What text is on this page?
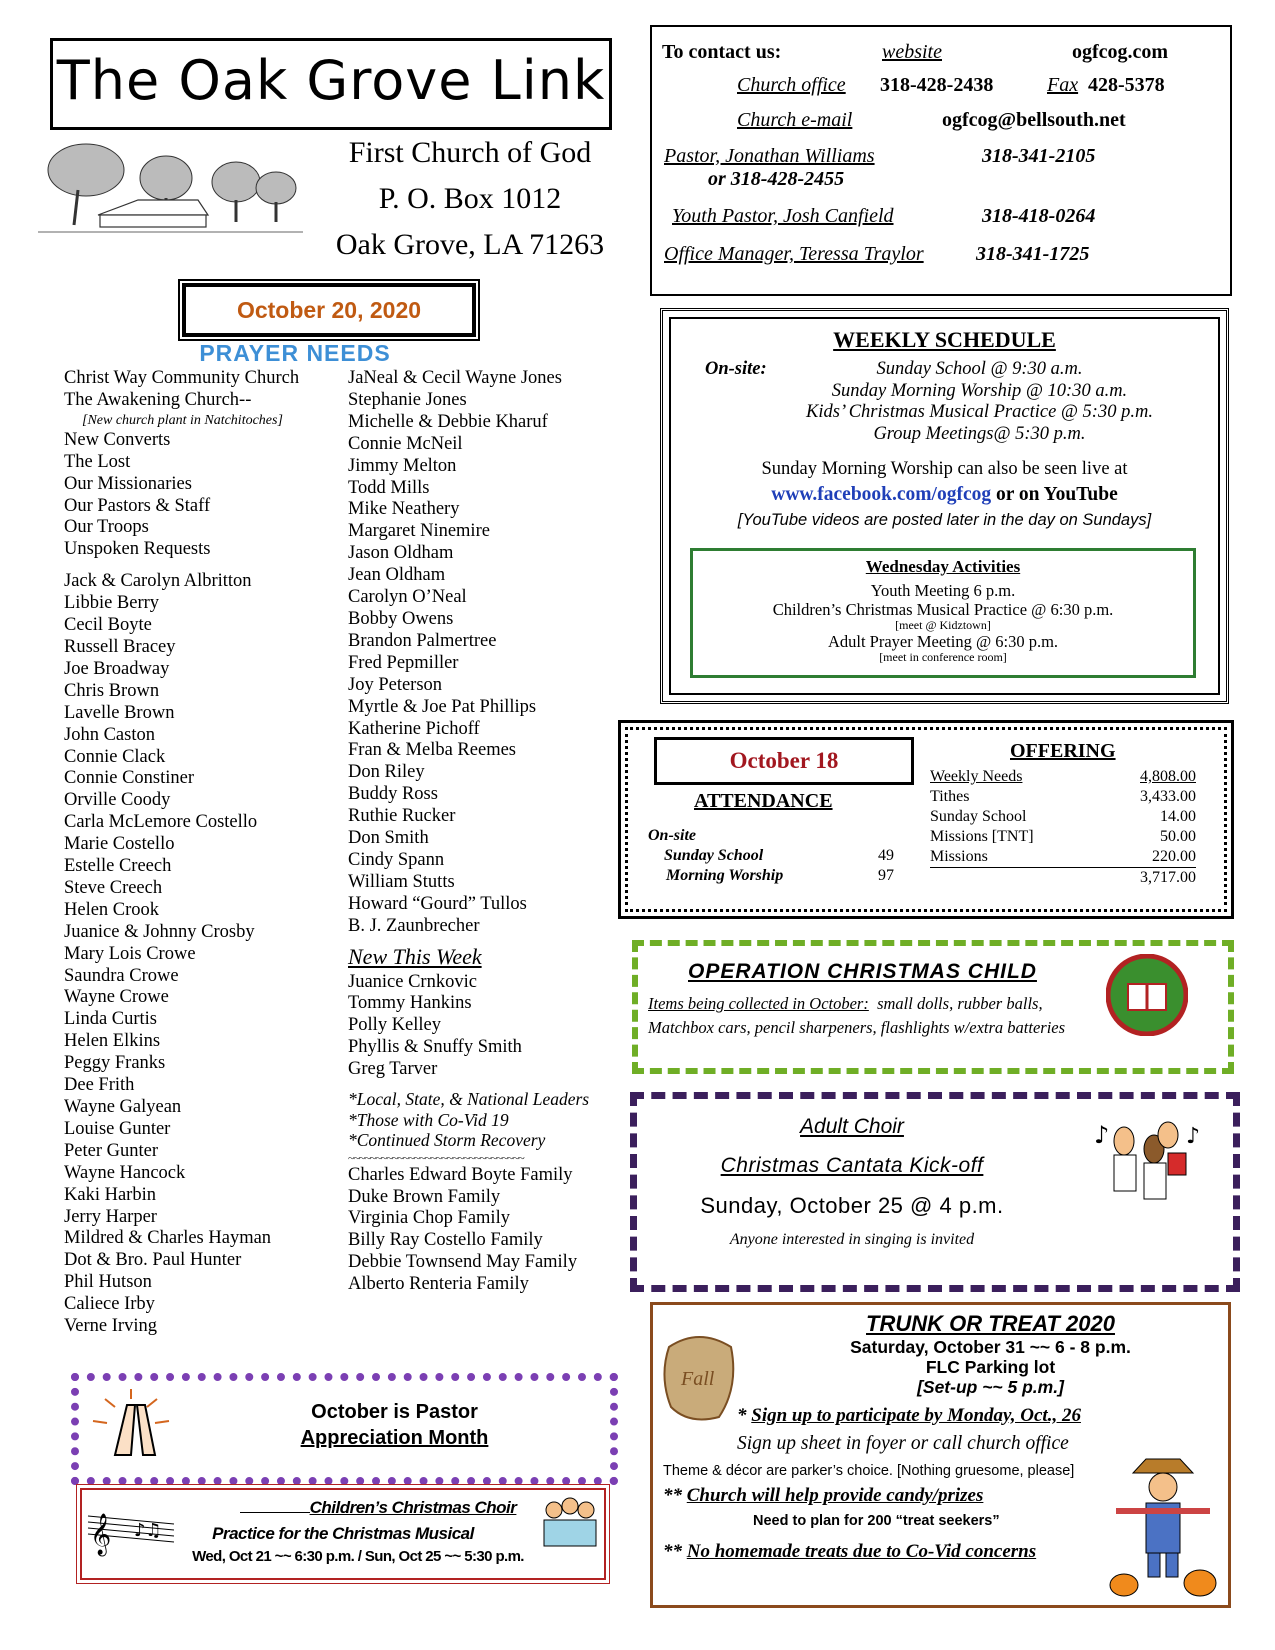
The Oak Grove Link
First Church of God
P. O. Box 1012
Oak Grove, LA 71263
October 20, 2020
PRAYER NEEDS
Christ Way Community Church
The Awakening Church--
[New church plant in Natchitoches]
New Converts
The Lost
Our Missionaries
Our Pastors & Staff
Our Troops
Unspoken Requests
Jack & Carolyn Albritton
Libbie Berry
Cecil Boyte
Russell Bracey
Joe Broadway
Chris Brown
Lavelle Brown
John Caston
Connie Clack
Connie Constiner
Orville Coody
Carla McLemore Costello
Marie Costello
Estelle Creech
Steve Creech
Helen Crook
Juanice & Johnny Crosby
Mary Lois Crowe
Saundra Crowe
Wayne Crowe
Linda Curtis
Helen Elkins
Peggy Franks
Dee Frith
Wayne Galyean
Louise Gunter
Peter Gunter
Wayne Hancock
Kaki Harbin
Jerry Harper
Mildred & Charles Hayman
Dot & Bro. Paul Hunter
Phil Hutson
Caliece Irby
Verne Irving
JaNeal & Cecil Wayne Jones
Stephanie Jones
Michelle & Debbie Kharuf
Connie McNeil
Jimmy Melton
Todd Mills
Mike Neathery
Margaret Ninemire
Jason Oldham
Jean Oldham
Carolyn O’Neal
Bobby Owens
Brandon Palmertree
Fred Pepmiller
Joy Peterson
Myrtle & Joe Pat Phillips
Katherine Pichoff
Fran & Melba Reemes
Don Riley
Buddy Ross
Ruthie Rucker
Don Smith
Cindy Spann
William Stutts
Howard “Gourd” Tullos
B. J. Zaunbrecher
New This Week
Juanice Crnkovic
Tommy Hankins
Polly Kelley
Phyllis & Snuffy Smith
Greg Tarver
*Local, State, & National Leaders
*Those with Co-Vid 19
*Continued Storm Recovery
~~~~~~~~~~~~~~~~~~~~~~~~~~~~~~~~
Charles Edward Boyte Family
Duke Brown Family
Virginia Chop Family
Billy Ray Costello Family
Debbie Townsend May Family
Alberto Renteria Family
To contact us:	website	ogfcog.com
Church office 318-428-2438	Fax 428-5378
Church e-mail	ogfcog@bellsouth.net
Pastor, Jonathan Williams	318-341-2105
or 318-428-2455
Youth Pastor, Josh Canfield	318-418-0264
Office Manager, Teressa Traylor	318-341-1725
WEEKLY SCHEDULE
On-site:	Sunday School @ 9:30 a.m.
Sunday Morning Worship @ 10:30 a.m.
Kids’ Christmas Musical Practice @ 5:30 p.m.
Group Meetings@ 5:30 p.m.
Sunday Morning Worship can also be seen live at
www.facebook.com/ogfcog or on YouTube
[YouTube videos are posted later in the day on Sundays]
Wednesday Activities
Youth Meeting 6 p.m.
Children’s Christmas Musical Practice @ 6:30 p.m.
[meet @ Kidztown]
Adult Prayer Meeting @ 6:30 p.m.
[meet in conference room]
October 18
ATTENDANCE
On-site
Sunday School	49
Morning Worship	97
OFFERING
Weekly Needs	4,808.00
Tithes	3,433.00
Sunday School	14.00
Missions [TNT]	50.00
Missions	220.00
3,717.00
OPERATION CHRISTMAS CHILD
Items being collected in October: small dolls, rubber balls,
Matchbox cars, pencil sharpeners, flashlights w/extra batteries
Adult Choir
Christmas Cantata Kick-off
Sunday, October 25 @ 4 p.m.
Anyone interested in singing is invited
♪	♪
TRUNK OR TREAT 2020
Saturday, October 31 ~~ 6 - 8 p.m.
FLC Parking lot
[Set-up ~~ 5 p.m.]
Fall
* Sign up to participate by Monday, Oct., 26
Sign up sheet in foyer or call church office
Theme & décor are parker’s choice. [Nothing gruesome, please]
** Church will help provide candy/prizes
Need to plan for 200 “treat seekers”
** No homemade treats due to Co-Vid concerns
October is Pastor
Appreciation Month
𝄞 ♪♫
Children’s Christmas Choir
Practice for the Christmas Musical
Wed, Oct 21 ~~ 6:30 p.m. / Sun, Oct 25 ~~ 5:30 p.m.
